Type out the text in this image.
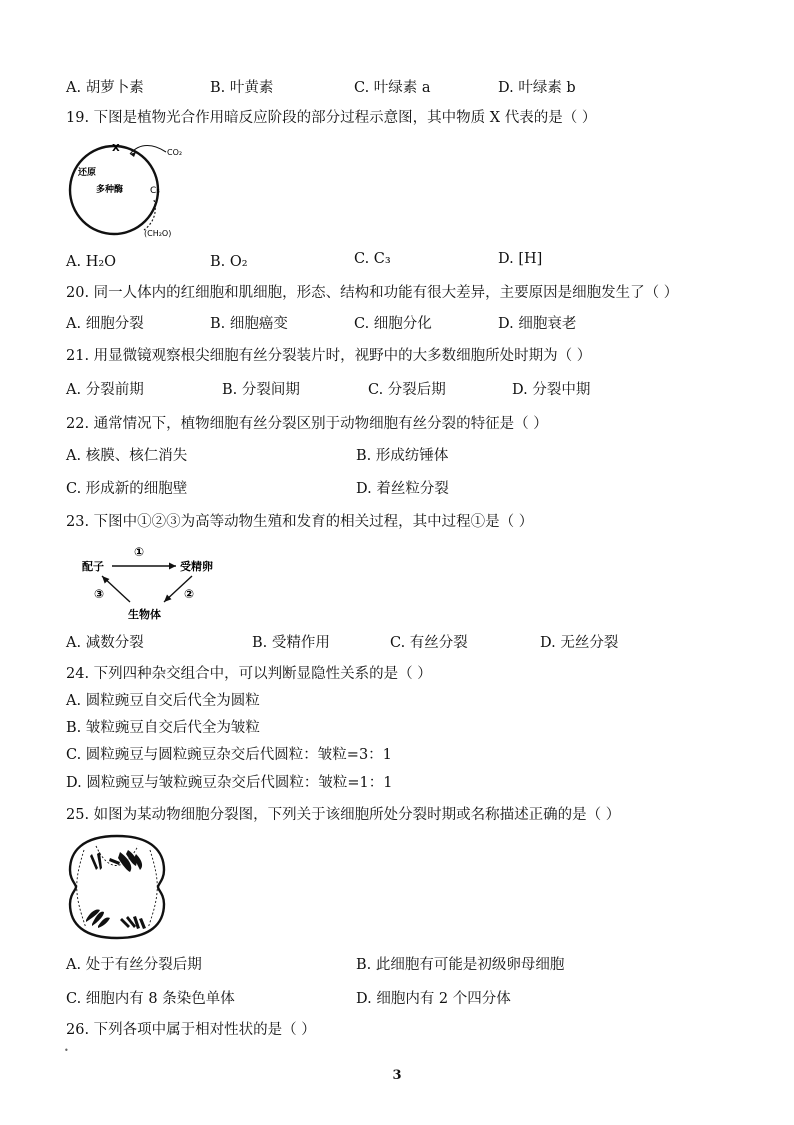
A. 胡萝卜素	B. 叶黄素	C. 叶绿素 a	D. 叶绿素 b
19. 下图是植物光合作用暗反应阶段的部分过程示意图，其中物质 X 代表的是（ ）
X	CO₂
还原
多种酶	C₅
(CH₂O)
A. H₂O	B. O₂	C. C₃	D. [H]
20. 同一人体内的红细胞和肌细胞，形态、结构和功能有很大差异，主要原因是细胞发生了（ ）
A. 细胞分裂	B. 细胞癌变	C. 细胞分化	D. 细胞衰老
21. 用显微镜观察根尖细胞有丝分裂装片时，视野中的大多数细胞所处时期为（ ）
A. 分裂前期	B. 分裂间期	C. 分裂后期	D. 分裂中期
22. 通常情况下，植物细胞有丝分裂区别于动物细胞有丝分裂的特征是（ ）
A. 核膜、核仁消失	B. 形成纺锤体
C. 形成新的细胞壁	D. 着丝粒分裂
23. 下图中①②③为高等动物生殖和发育的相关过程，其中过程①是（ ）
①
配子	受精卵
②
③
生物体
A. 减数分裂	B. 受精作用	C. 有丝分裂	D. 无丝分裂
24. 下列四种杂交组合中，可以判断显隐性关系的是（ ）
A. 圆粒豌豆自交后代全为圆粒
B. 皱粒豌豆自交后代全为皱粒
C. 圆粒豌豆与圆粒豌豆杂交后代圆粒：皱粒=3：1
D. 圆粒豌豆与皱粒豌豆杂交后代圆粒：皱粒=1：1
25. 如图为某动物细胞分裂图，下列关于该细胞所处分裂时期或名称描述正确的是（ ）
A. 处于有丝分裂后期	B. 此细胞有可能是初级卵母细胞
C. 细胞内有 8 条染色单体	D. 细胞内有 2 个四分体
26. 下列各项中属于相对性状的是（ ）
•
3
